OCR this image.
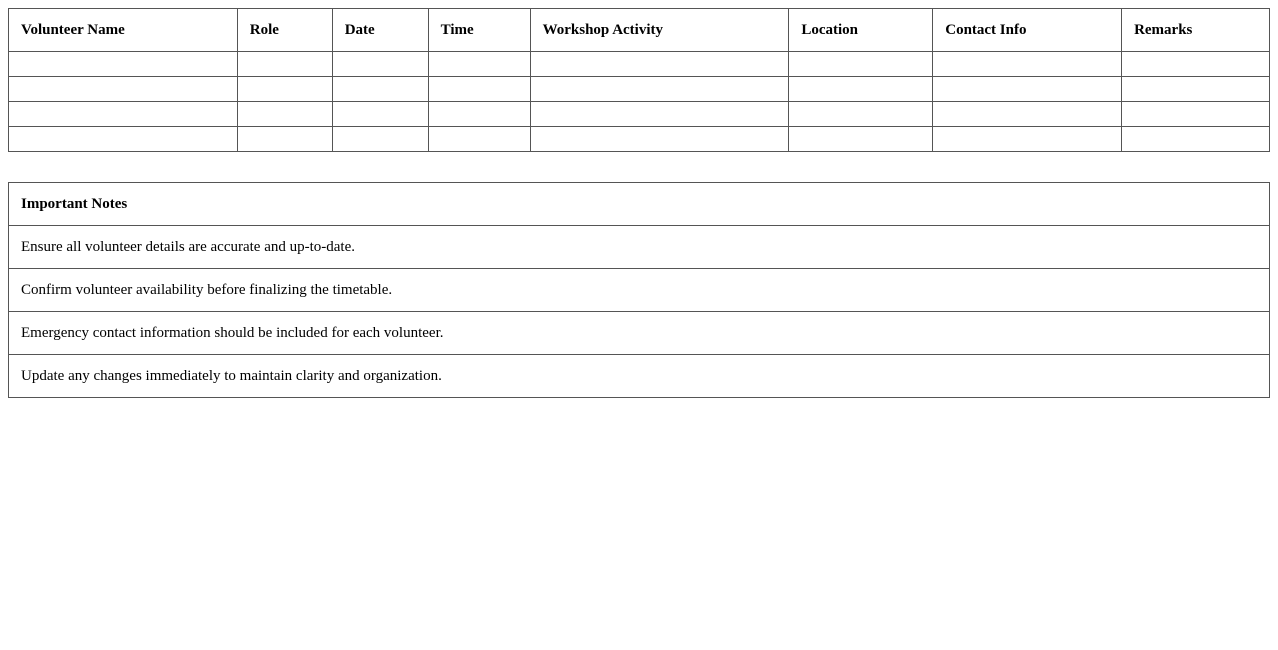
Volunteer Name	Role	Date	Time	Workshop Activity	Location	Contact Info	Remarks

Important Notes
Ensure all volunteer details are accurate and up-to-date.
Confirm volunteer availability before finalizing the timetable.
Emergency contact information should be included for each volunteer.
Update any changes immediately to maintain clarity and organization.
